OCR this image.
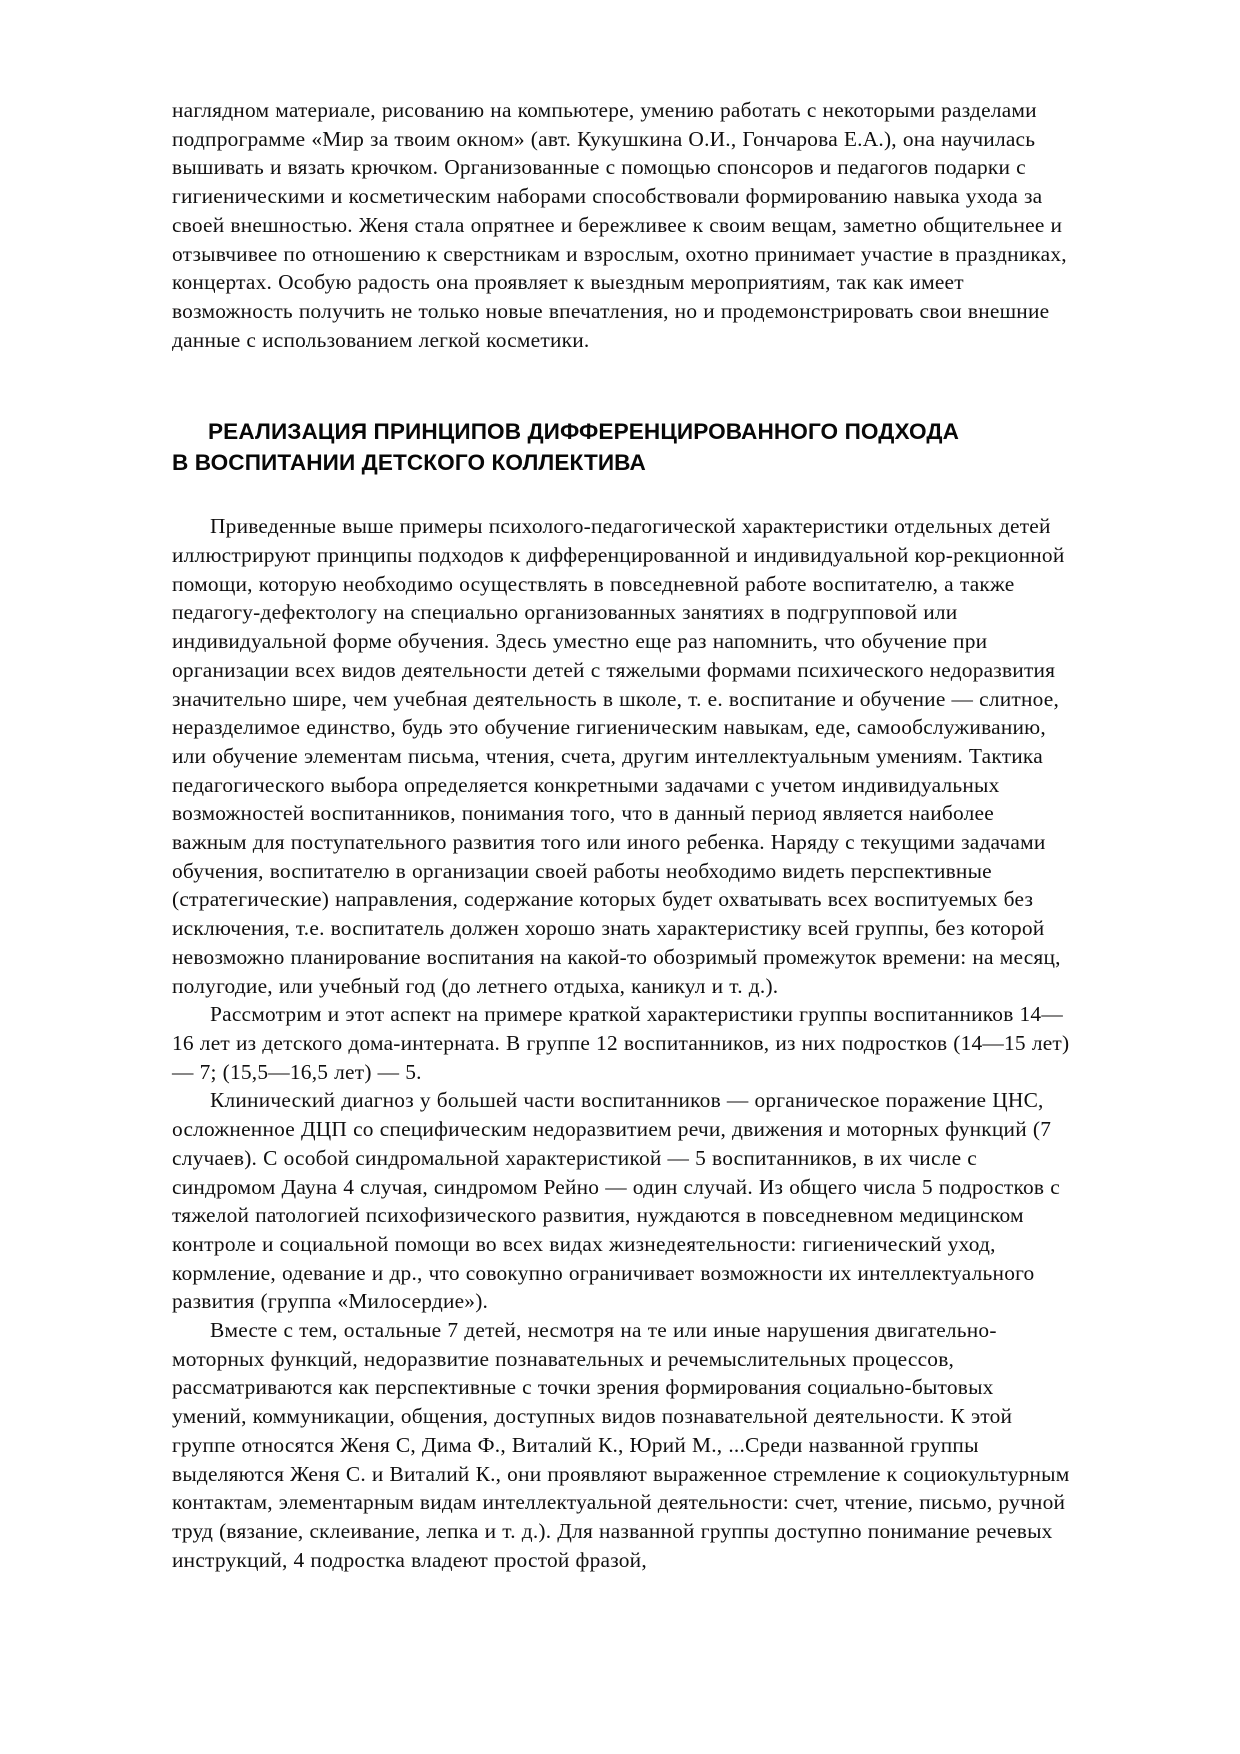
наглядном материале, рисованию на компьютере, умению работать с некоторыми разделами подпрограмме «Мир за твоим окном» (авт. Кукушкина О.И., Гончарова Е.А.), она научилась вышивать и вязать крючком. Организованные с помощью спонсоров и педагогов подарки с гигиеническими и косметическим наборами способствовали формированию навыка ухода за своей внешностью. Женя стала опрятнее и бережливее к своим вещам, заметно общительнее и отзывчивее по отношению к сверстникам и взрослым, охотно принимает участие в праздниках, концертах. Особую радость она проявляет к выездным мероприятиям, так как имеет возможность получить не только новые впечатления, но и продемонстрировать свои внешние данные с использованием легкой косметики.

РЕАЛИЗАЦИЯ ПРИНЦИПОВ ДИФФЕРЕНЦИРОВАННОГО ПОДХОДА
В ВОСПИТАНИИ ДЕТСКОГО КОЛЛЕКТИВА

Приведенные выше примеры психолого-педагогической характеристики отдельных детей иллюстрируют принципы подходов к дифференцированной и индивидуальной кор-рекционной помощи, которую необходимо осуществлять в повседневной работе воспитателю, а также педагогу-дефектологу на специально организованных занятиях в подгрупповой или индивидуальной форме обучения. Здесь уместно еще раз напомнить, что обучение при организации всех видов деятельности детей с тяжелыми формами психического недоразвития значительно шире, чем учебная деятельность в школе, т. е. воспитание и обучение — слитное, неразделимое единство, будь это обучение гигиеническим навыкам, еде, самообслуживанию, или обучение элементам письма, чтения, счета, другим интеллектуальным умениям. Тактика педагогического выбора определяется конкретными задачами с учетом индивидуальных возможностей воспитанников, понимания того, что в данный период является наиболее важным для поступательного развития того или иного ребенка. Наряду с текущими задачами обучения, воспитателю в организации своей работы необходимо видеть перспективные (стратегические) направления, содержание которых будет охватывать всех воспитуемых без исключения, т.е. воспитатель должен хорошо знать характеристику всей группы, без которой невозможно планирование воспитания на какой-то обозримый промежуток времени: на месяц, полугодие, или учебный год (до летнего отдыха, каникул и т. д.).

Рассмотрим и этот аспект на примере краткой характеристики группы воспитанников 14—16 лет из детского дома-интерната. В группе 12 воспитанников, из них подростков (14—15 лет) — 7; (15,5—16,5 лет) — 5.

Клинический диагноз у большей части воспитанников — органическое поражение ЦНС, осложненное ДЦП со специфическим недоразвитием речи, движения и моторных функций (7 случаев). С особой синдромальной характеристикой — 5 воспитанников, в их числе с синдромом Дауна 4 случая, синдромом Рейно — один случай. Из общего числа 5 подростков с тяжелой патологией психофизического развития, нуждаются в повседневном медицинском контроле и социальной помощи во всех видах жизнедеятельности: гигиенический уход, кормление, одевание и др., что совокупно ограничивает возможности их интеллектуального развития (группа «Милосердие»).

Вместе с тем, остальные 7 детей, несмотря на те или иные нарушения двигательно-моторных функций, недоразвитие познавательных и речемыслительных процессов, рассматриваются как перспективные с точки зрения формирования социально-бытовых умений, коммуникации, общения, доступных видов познавательной деятельности. К этой группе относятся Женя С, Дима Ф., Виталий К., Юрий М., ...Среди названной группы выделяются Женя С. и Виталий К., они проявляют выраженное стремление к социокультурным контактам, элементарным видам интеллектуальной деятельности: счет, чтение, письмо, ручной труд (вязание, склеивание, лепка и т. д.). Для названной группы доступно понимание речевых инструкций, 4 подростка владеют простой фразой,
